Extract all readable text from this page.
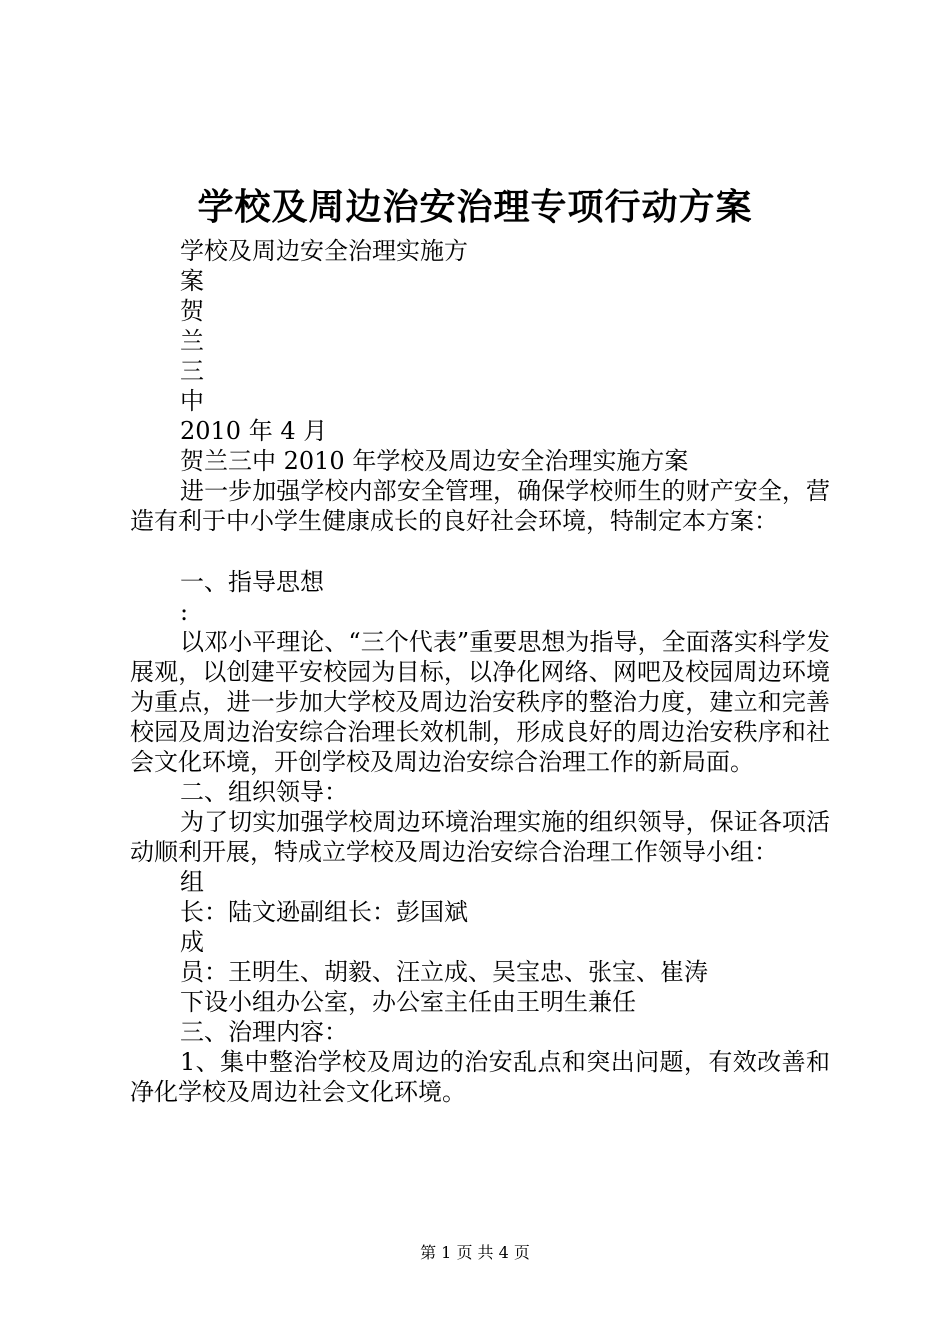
学校及周边治安治理专项行动方案
学校及周边安全治理实施方
案
贺
兰
三
中
2010 年 4 月
贺兰三中 2010 年学校及周边安全治理实施方案
进一步加强学校内部安全管理，确保学校师生的财产安全，营造有利于中小学生健康成长的良好社会环境，特制定本方案：
一、指导思想
:
以邓小平理论、“三个代表”重要思想为指导，全面落实科学发展观，以创建平安校园为目标，以净化网络、网吧及校园周边环境为重点，进一步加大学校及周边治安秩序的整治力度，建立和完善校园及周边治安综合治理长效机制，形成良好的周边治安秩序和社会文化环境，开创学校及周边治安综合治理工作的新局面。
二、组织领导：
为了切实加强学校周边环境治理实施的组织领导，保证各项活动顺利开展，特成立学校及周边治安综合治理工作领导小组：
组
长：陆文逊副组长：彭国斌
成
员：王明生、胡毅、汪立成、吴宝忠、张宝、崔涛
下设小组办公室，办公室主任由王明生兼任
三、治理内容：
1、集中整治学校及周边的治安乱点和突出问题，有效改善和净化学校及周边社会文化环境。
第 1 页 共 4 页
